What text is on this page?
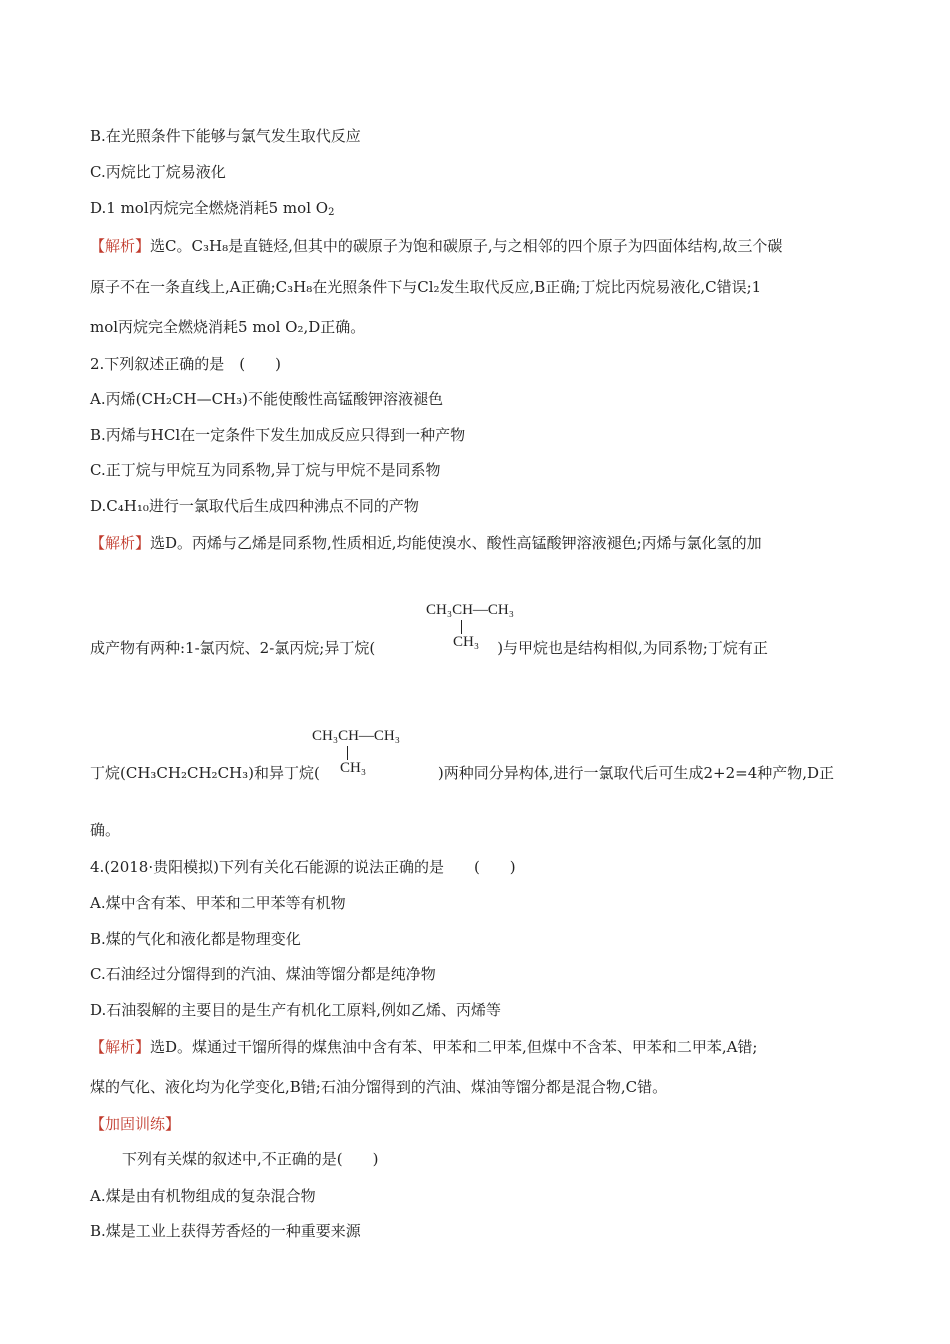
B.在光照条件下能够与氯气发生取代反应
C.丙烷比丁烷易液化
D.1 mol丙烷完全燃烧消耗5 mol $O_2$
【解析】选C。C₃H₈是直链烃,但其中的碳原子为饱和碳原子,与之相邻的四个原子为四面体结构,故三个碳
原子不在一条直线上,A正确;C₃H₈在光照条件下与Cl₂发生取代反应,B正确;丁烷比丙烷易液化,C错误;1
mol丙烷完全燃烧消耗5 mol O₂,D正确。
2.下列叙述正确的是　(　　)
A.丙烯(CH₂CH—CH₃)不能使酸性高锰酸钾溶液褪色
B.丙烯与HCl在一定条件下发生加成反应只得到一种产物
C.正丁烷与甲烷互为同系物,异丁烷与甲烷不是同系物
D.C₄H₁₀进行一氯取代后生成四种沸点不同的产物
【解析】选D。丙烯与乙烯是同系物,性质相近,均能使溴水、酸性高锰酸钾溶液褪色;丙烯与氯化氢的加
CH₃CH—CH₃
CH₃
成产物有两种:1-氯丙烷、2-氯丙烷;异丁烷(	)与甲烷也是结构相似,为同系物;丁烷有正
CH₃CH—CH₃
CH₃
丁烷(CH₃CH₂CH₂CH₃)和异丁烷(	)两种同分异构体,进行一氯取代后可生成2+2=4种产物,D正
确。
4.(2018·贵阳模拟)下列有关化石能源的说法正确的是　　(　　)
A.煤中含有苯、甲苯和二甲苯等有机物
B.煤的气化和液化都是物理变化
C.石油经过分馏得到的汽油、煤油等馏分都是纯净物
D.石油裂解的主要目的是生产有机化工原料,例如乙烯、丙烯等
【解析】选D。煤通过干馏所得的煤焦油中含有苯、甲苯和二甲苯,但煤中不含苯、甲苯和二甲苯,A错;
煤的气化、液化均为化学变化,B错;石油分馏得到的汽油、煤油等馏分都是混合物,C错。
【加固训练】
下列有关煤的叙述中,不正确的是(　　)
A.煤是由有机物组成的复杂混合物
B.煤是工业上获得芳香烃的一种重要来源
